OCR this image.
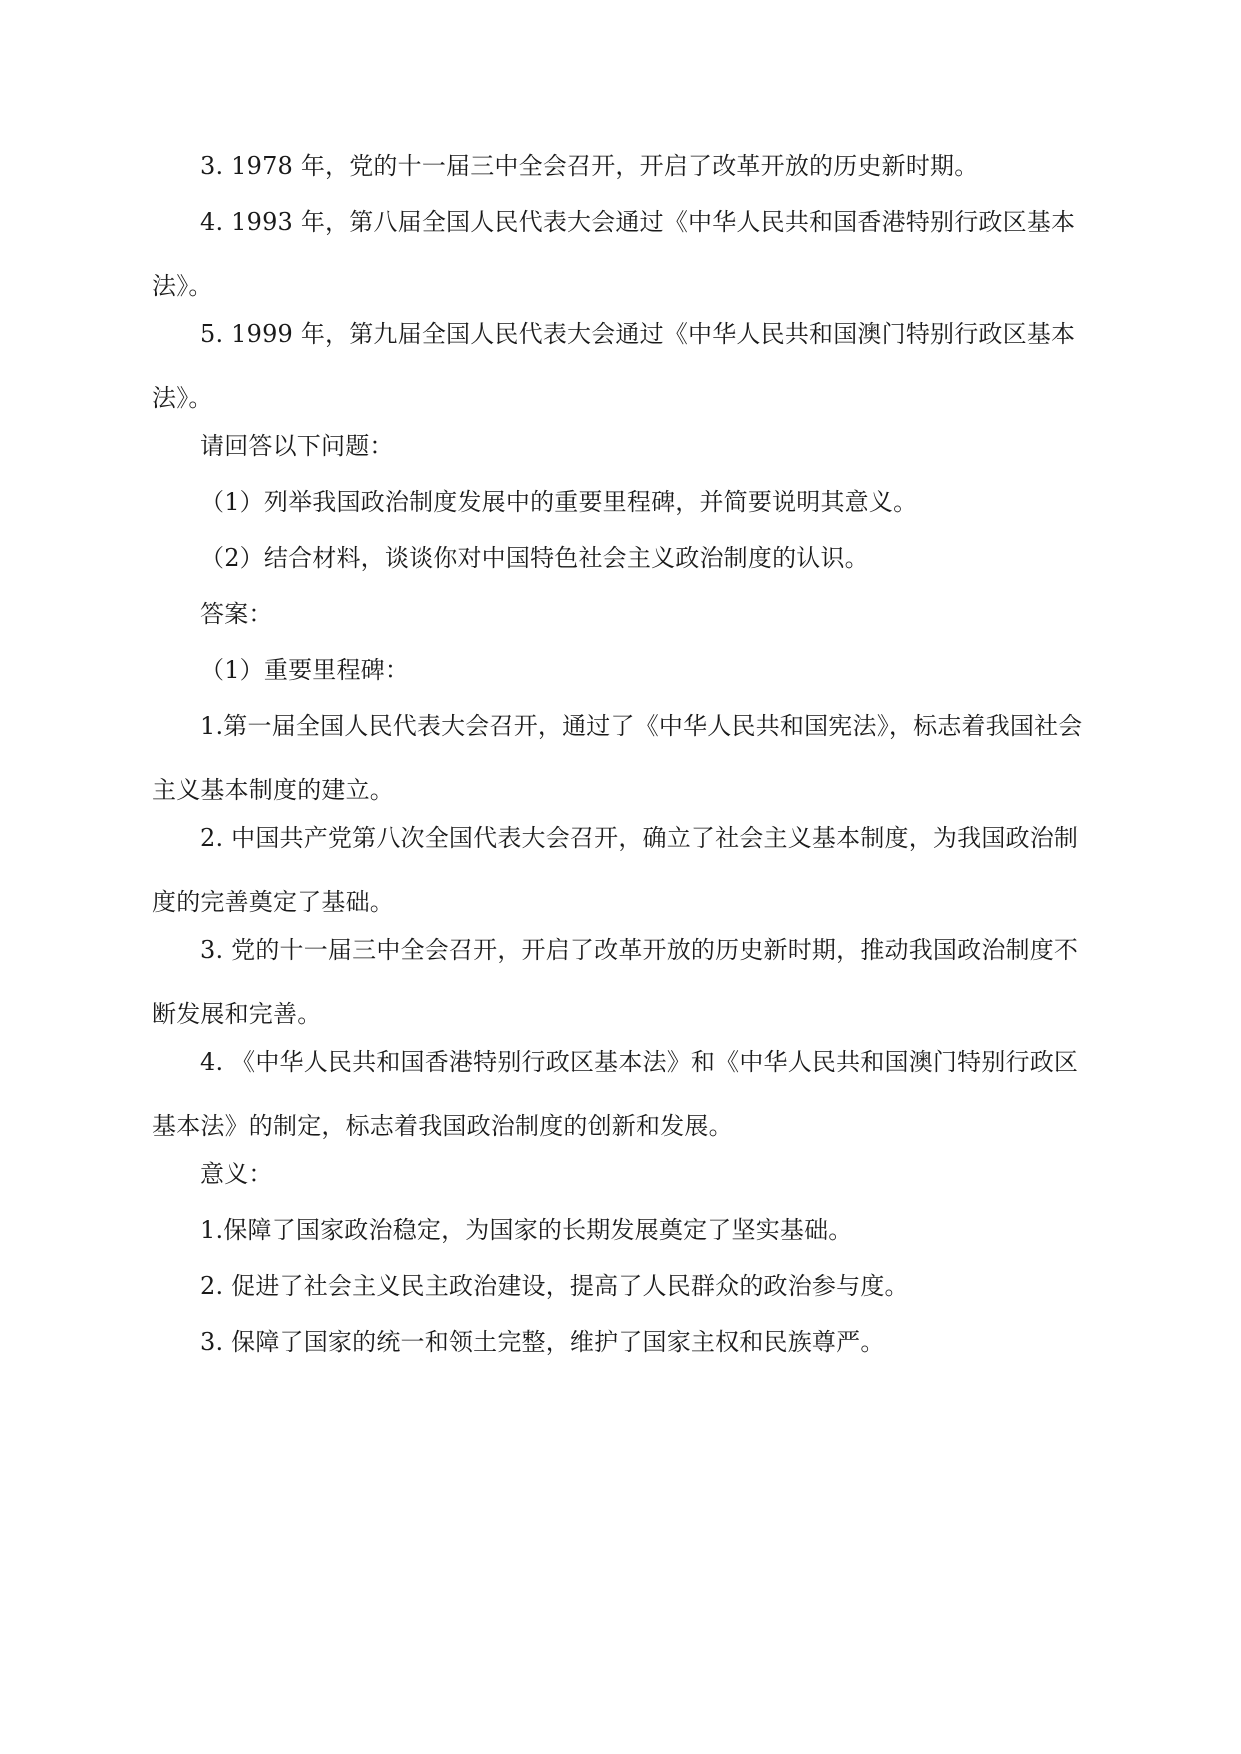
3. 1978 年，党的十一届三中全会召开，开启了改革开放的历史新时期。

4. 1993 年，第八届全国人民代表大会通过《中华人民共和国香港特别行政区基本法》。

5. 1999 年，第九届全国人民代表大会通过《中华人民共和国澳门特别行政区基本法》。

请回答以下问题：

（1）列举我国政治制度发展中的重要里程碑，并简要说明其意义。

（2）结合材料，谈谈你对中国特色社会主义政治制度的认识。

答案：

（1）重要里程碑：

1.第一届全国人民代表大会召开，通过了《中华人民共和国宪法》，标志着我国社会主义基本制度的建立。

2. 中国共产党第八次全国代表大会召开，确立了社会主义基本制度，为我国政治制度的完善奠定了基础。

3. 党的十一届三中全会召开，开启了改革开放的历史新时期，推动我国政治制度不断发展和完善。

4. 《中华人民共和国香港特别行政区基本法》和《中华人民共和国澳门特别行政区基本法》的制定，标志着我国政治制度的创新和发展。

意义：

1.保障了国家政治稳定，为国家的长期发展奠定了坚实基础。

2. 促进了社会主义民主政治建设，提高了人民群众的政治参与度。

3. 保障了国家的统一和领土完整，维护了国家主权和民族尊严。
